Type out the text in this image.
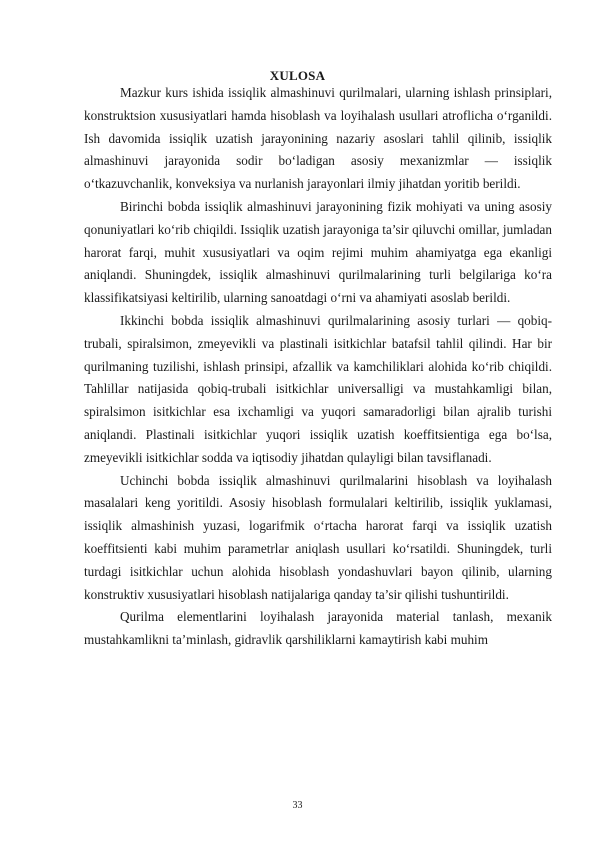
XULOSA

Mazkur kurs ishida issiqlik almashinuvi qurilmalari, ularning ishlash prinsiplari, konstruktsion xususiyatlari hamda hisoblash va loyihalash usullari atroflicha o‘rganildi. Ish davomida issiqlik uzatish jarayonining nazariy asoslari tahlil qilinib, issiqlik almashinuvi jarayonida sodir bo‘ladigan asosiy mexanizmlar — issiqlik o‘tkazuvchanlik, konveksiya va nurlanish jarayonlari ilmiy jihatdan yoritib berildi.

Birinchi bobda issiqlik almashinuvi jarayonining fizik mohiyati va uning asosiy qonuniyatlari ko‘rib chiqildi. Issiqlik uzatish jarayoniga ta’sir qiluvchi omillar, jumladan harorat farqi, muhit xususiyatlari va oqim rejimi muhim ahamiyatga ega ekanligi aniqlandi. Shuningdek, issiqlik almashinuvi qurilmalarining turli belgilariga ko‘ra klassifikatsiyasi keltirilib, ularning sanoatdagi o‘rni va ahamiyati asoslab berildi.

Ikkinchi bobda issiqlik almashinuvi qurilmalarining asosiy turlari — qobiq-trubali, spiralsimon, zmeyevikli va plastinali isitkichlar batafsil tahlil qilindi. Har bir qurilmaning tuzilishi, ishlash prinsipi, afzallik va kamchiliklari alohida ko‘rib chiqildi. Tahlillar natijasida qobiq-trubali isitkichlar universalligi va mustahkamligi bilan, spiralsimon isitkichlar esa ixchamligi va yuqori samaradorligi bilan ajralib turishi aniqlandi. Plastinali isitkichlar yuqori issiqlik uzatish koeffitsientiga ega bo‘lsa, zmeyevikli isitkichlar sodda va iqtisodiy jihatdan qulayligi bilan tavsiflanadi.

Uchinchi bobda issiqlik almashinuvi qurilmalarini hisoblash va loyihalash masalalari keng yoritildi. Asosiy hisoblash formulalari keltirilib, issiqlik yuklamasi, issiqlik almashinish yuzasi, logarifmik o‘rtacha harorat farqi va issiqlik uzatish koeffitsienti kabi muhim parametrlar aniqlash usullari ko‘rsatildi. Shuningdek, turli turdagi isitkichlar uchun alohida hisoblash yondashuvlari bayon qilinib, ularning konstruktiv xususiyatlari hisoblash natijalariga qanday ta’sir qilishi tushuntirildi.

Qurilma elementlarini loyihalash jarayonida material tanlash, mexanik mustahkamlikni ta’minlash, gidravlik qarshiliklarni kamaytirish kabi muhim

33
